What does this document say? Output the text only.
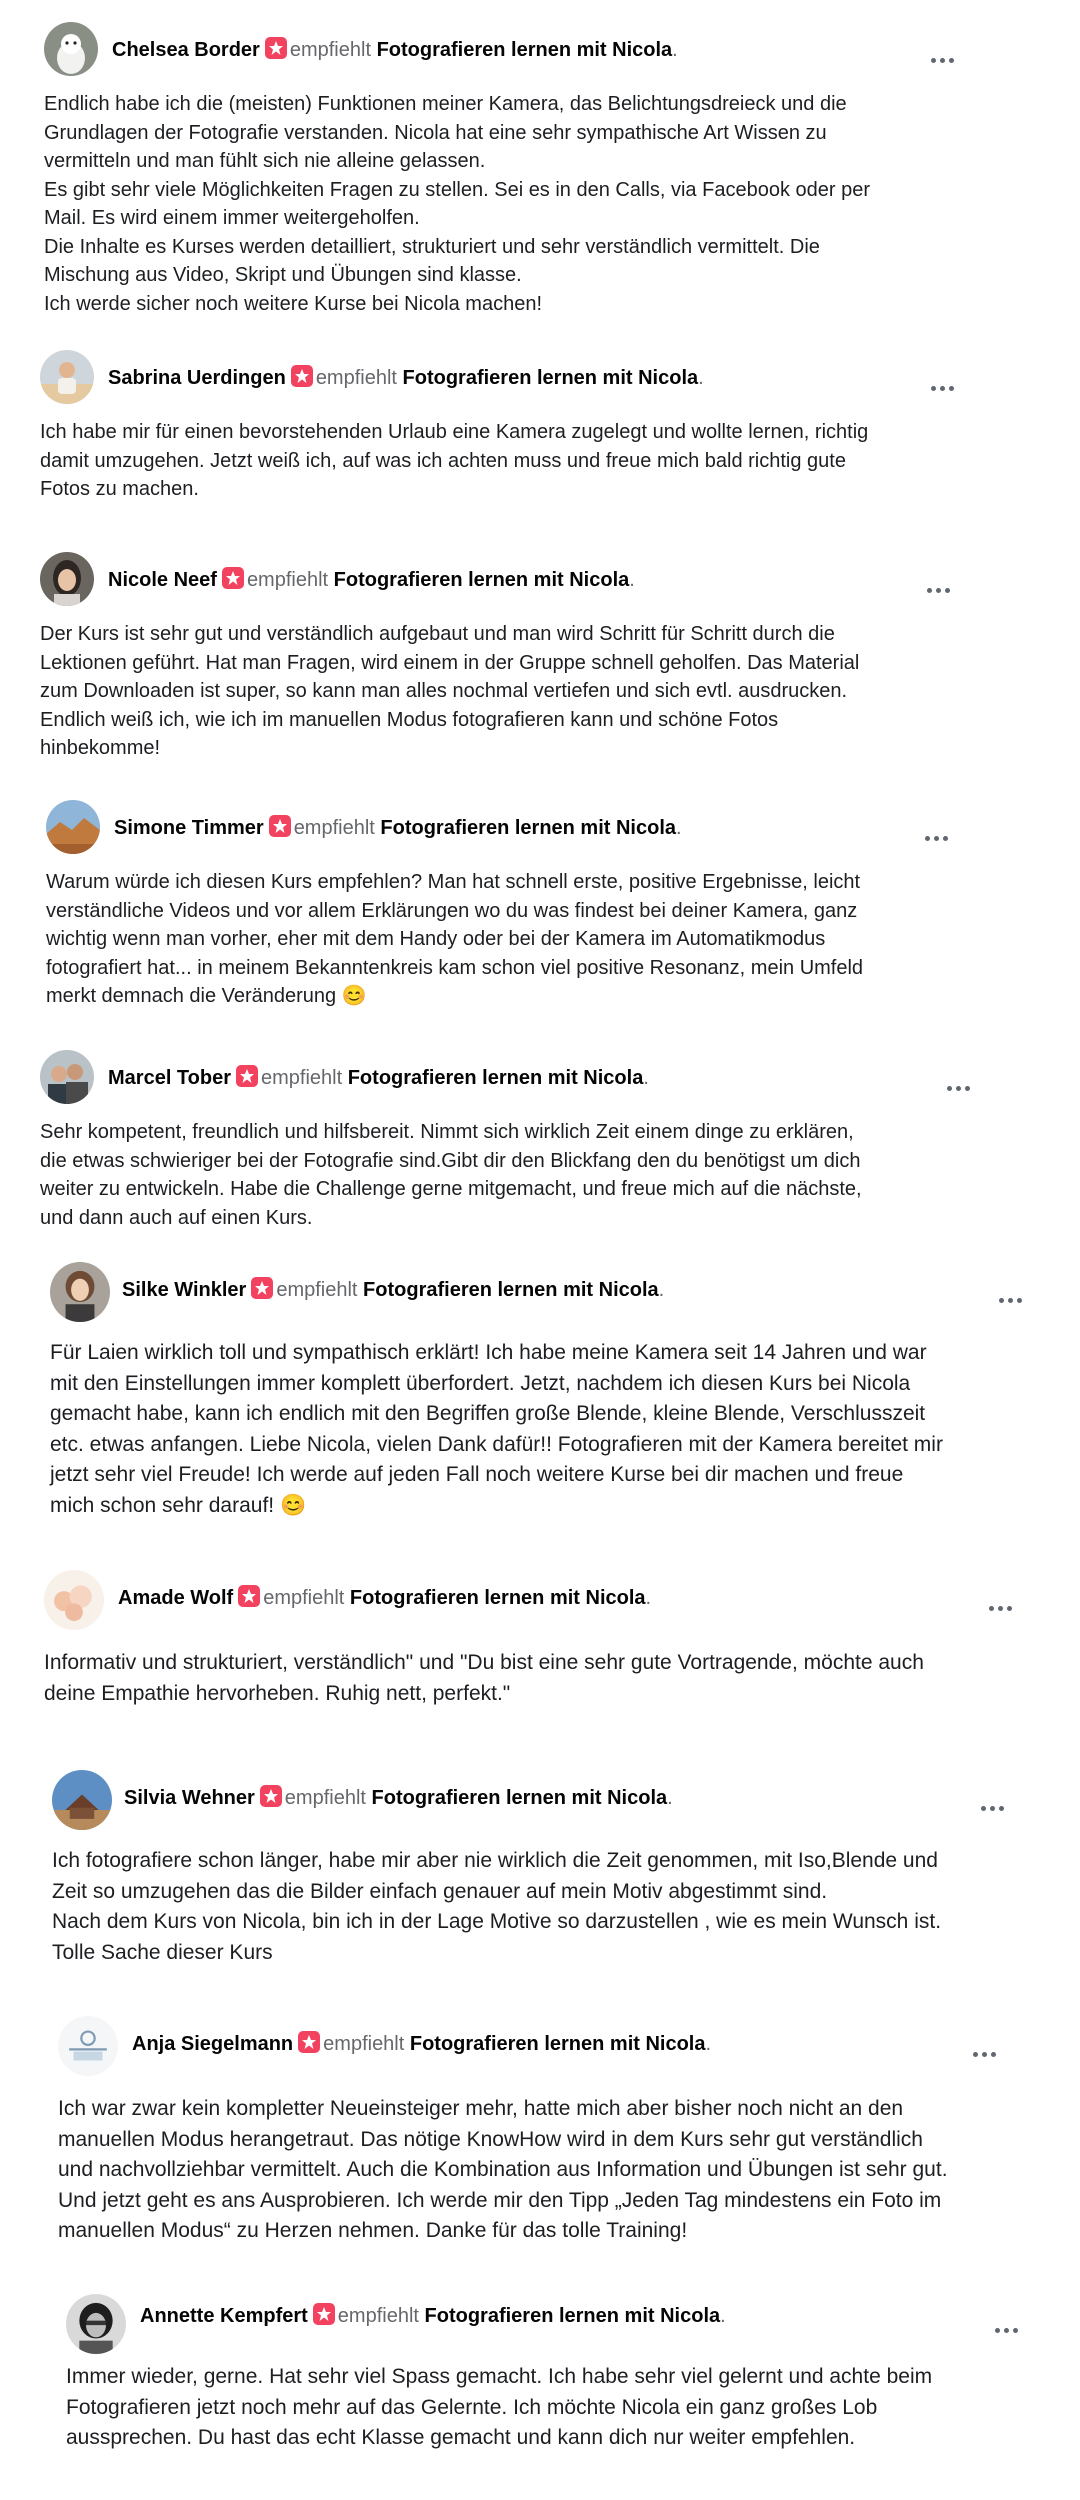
Chelsea Border empfiehlt Fotografieren lernen mit Nicola.
Endlich habe ich die (meisten) Funktionen meiner Kamera, das Belichtungsdreieck und die
Grundlagen der Fotografie verstanden. Nicola hat eine sehr sympathische Art Wissen zu
vermitteln und man fühlt sich nie alleine gelassen.
Es gibt sehr viele Möglichkeiten Fragen zu stellen. Sei es in den Calls, via Facebook oder per
Mail. Es wird einem immer weitergeholfen.
Die Inhalte es Kurses werden detailliert, strukturiert und sehr verständlich vermittelt. Die
Mischung aus Video, Skript und Übungen sind klasse.
Ich werde sicher noch weitere Kurse bei Nicola machen!
Sabrina Uerdingen empfiehlt Fotografieren lernen mit Nicola.
Ich habe mir für einen bevorstehenden Urlaub eine Kamera zugelegt und wollte lernen, richtig
damit umzugehen. Jetzt weiß ich, auf was ich achten muss und freue mich bald richtig gute
Fotos zu machen.
Nicole Neef empfiehlt Fotografieren lernen mit Nicola.
Der Kurs ist sehr gut und verständlich aufgebaut und man wird Schritt für Schritt durch die
Lektionen geführt. Hat man Fragen, wird einem in der Gruppe schnell geholfen. Das Material
zum Downloaden ist super, so kann man alles nochmal vertiefen und sich evtl. ausdrucken.
Endlich weiß ich, wie ich im manuellen Modus fotografieren kann und schöne Fotos
hinbekomme!
Simone Timmer empfiehlt Fotografieren lernen mit Nicola.
Warum würde ich diesen Kurs empfehlen? Man hat schnell erste, positive Ergebnisse, leicht
verständliche Videos und vor allem Erklärungen wo du was findest bei deiner Kamera, ganz
wichtig wenn man vorher, eher mit dem Handy oder bei der Kamera im Automatikmodus
fotografiert hat... in meinem Bekanntenkreis kam schon viel positive Resonanz, mein Umfeld
merkt demnach die Veränderung 😊
Marcel Tober empfiehlt Fotografieren lernen mit Nicola.
Sehr kompetent, freundlich und hilfsbereit. Nimmt sich wirklich Zeit einem dinge zu erklären,
die etwas schwieriger bei der Fotografie sind.Gibt dir den Blickfang den du benötigst um dich
weiter zu entwickeln. Habe die Challenge gerne mitgemacht, und freue mich auf die nächste,
und dann auch auf einen Kurs.
Silke Winkler empfiehlt Fotografieren lernen mit Nicola.
Für Laien wirklich toll und sympathisch erklärt! Ich habe meine Kamera seit 14 Jahren und war
mit den Einstellungen immer komplett überfordert. Jetzt, nachdem ich diesen Kurs bei Nicola
gemacht habe, kann ich endlich mit den Begriffen große Blende, kleine Blende, Verschlusszeit
etc. etwas anfangen. Liebe Nicola, vielen Dank dafür!! Fotografieren mit der Kamera bereitet mir
jetzt sehr viel Freude! Ich werde auf jeden Fall noch weitere Kurse bei dir machen und freue
mich schon sehr darauf! 😊
Amade Wolf empfiehlt Fotografieren lernen mit Nicola.
Informativ und strukturiert, verständlich" und "Du bist eine sehr gute Vortragende, möchte auch
deine Empathie hervorheben. Ruhig nett, perfekt."
Silvia Wehner empfiehlt Fotografieren lernen mit Nicola.
Ich fotografiere schon länger, habe mir aber nie wirklich die Zeit genommen, mit Iso,Blende und
Zeit so umzugehen das die Bilder einfach genauer auf mein Motiv abgestimmt sind.
Nach dem Kurs von Nicola, bin ich in der Lage Motive so darzustellen , wie es mein Wunsch ist.
Tolle Sache dieser Kurs
Anja Siegelmann empfiehlt Fotografieren lernen mit Nicola.
Ich war zwar kein kompletter Neueinsteiger mehr, hatte mich aber bisher noch nicht an den
manuellen Modus herangetraut. Das nötige KnowHow wird in dem Kurs sehr gut verständlich
und nachvollziehbar vermittelt. Auch die Kombination aus Information und Übungen ist sehr gut.
Und jetzt geht es ans Ausprobieren. Ich werde mir den Tipp „Jeden Tag mindestens ein Foto im
manuellen Modus“ zu Herzen nehmen. Danke für das tolle Training!
Annette Kempfert empfiehlt Fotografieren lernen mit Nicola.
Immer wieder, gerne. Hat sehr viel Spass gemacht. Ich habe sehr viel gelernt und achte beim
Fotografieren jetzt noch mehr auf das Gelernte. Ich möchte Nicola ein ganz großes Lob
aussprechen. Du hast das echt Klasse gemacht und kann dich nur weiter empfehlen.
